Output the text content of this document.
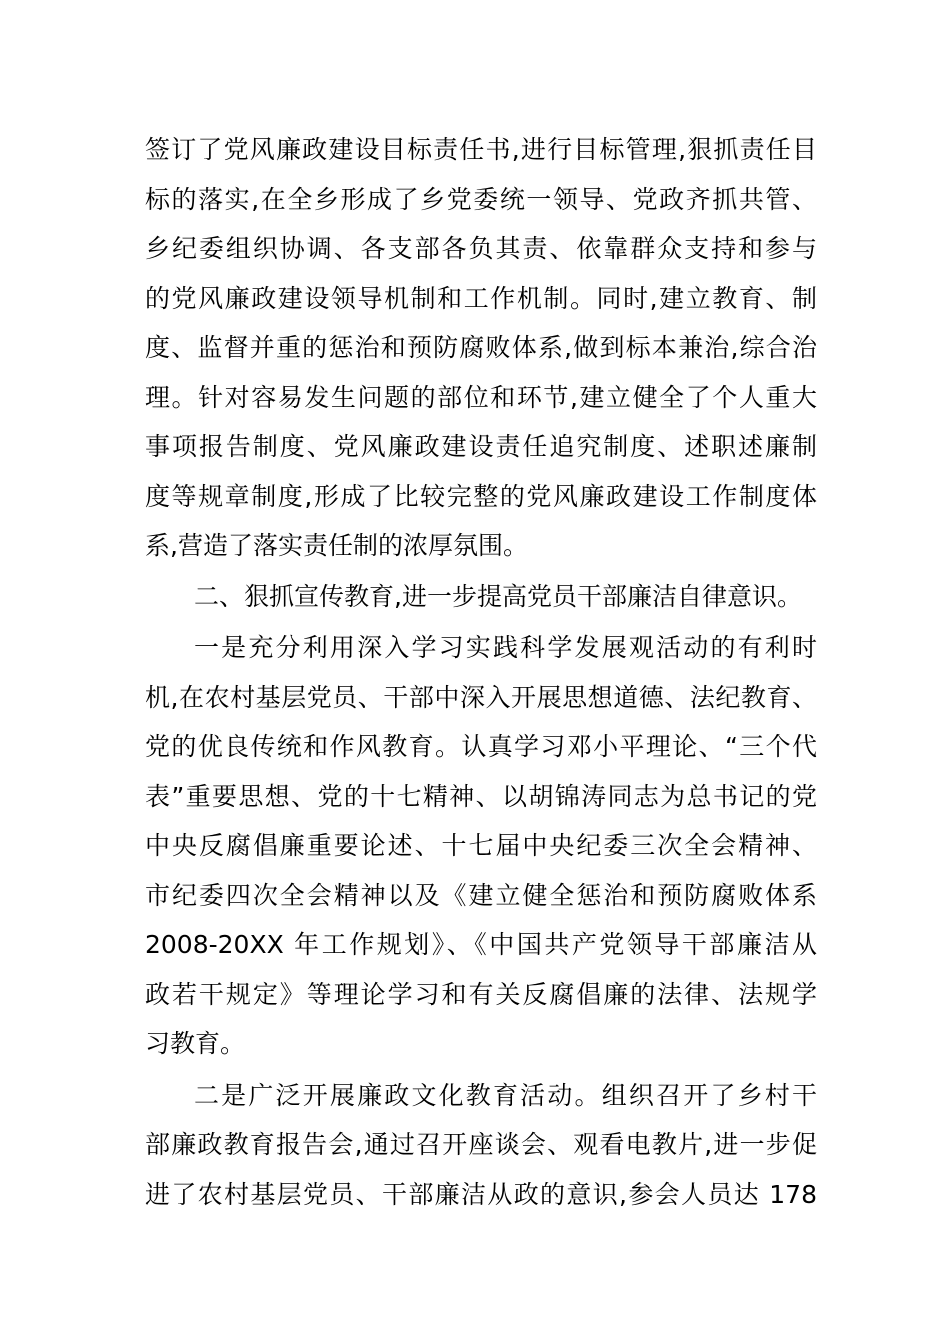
签订了党风廉政建设目标责任书,进行目标管理,狠抓责任目
标的落实,在全乡形成了乡党委统一领导、党政齐抓共管、
乡纪委组织协调、各支部各负其责、依靠群众支持和参与
的党风廉政建设领导机制和工作机制。同时,建立教育、制
度、监督并重的惩治和预防腐败体系,做到标本兼治,综合治
理。针对容易发生问题的部位和环节,建立健全了个人重大
事项报告制度、党风廉政建设责任追究制度、述职述廉制
度等规章制度,形成了比较完整的党风廉政建设工作制度体
系,营造了落实责任制的浓厚氛围。
二、狠抓宣传教育,进一步提高党员干部廉洁自律意识。
一是充分利用深入学习实践科学发展观活动的有利时
机,在农村基层党员、干部中深入开展思想道德、法纪教育、
党的优良传统和作风教育。认真学习邓小平理论、“三个代
表”重要思想、党的十七精神、以胡锦涛同志为总书记的党
中央反腐倡廉重要论述、十七届中央纪委三次全会精神、
市纪委四次全会精神以及《建立健全惩治和预防腐败体系
2008-20XX 年工作规划》、《中国共产党领导干部廉洁从
政若干规定》等理论学习和有关反腐倡廉的法律、法规学
习教育。
二是广泛开展廉政文化教育活动。组织召开了乡村干
部廉政教育报告会,通过召开座谈会、观看电教片,进一步促
进了农村基层党员、干部廉洁从政的意识,参会人员达 178
